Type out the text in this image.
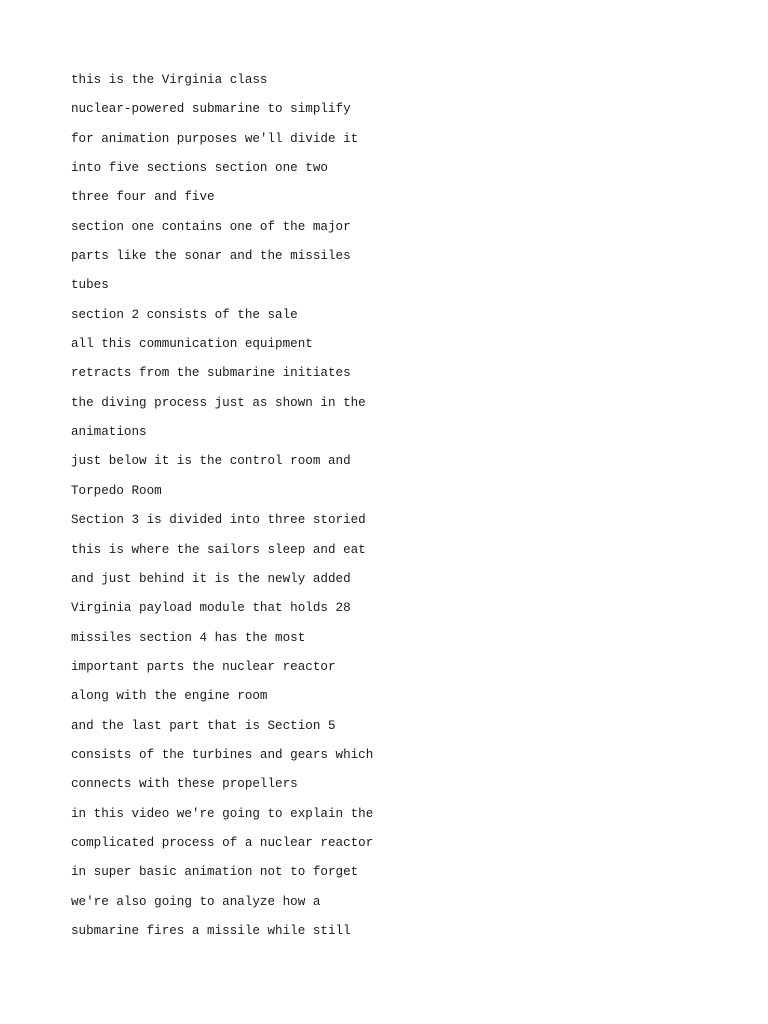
this is the Virginia class
nuclear-powered submarine to simplify
for animation purposes we'll divide it
into five sections section one two
three four and five
section one contains one of the major
parts like the sonar and the missiles
tubes
section 2 consists of the sale
all this communication equipment
retracts from the submarine initiates
the diving process just as shown in the
animations
just below it is the control room and
Torpedo Room
Section 3 is divided into three storied
this is where the sailors sleep and eat
and just behind it is the newly added
Virginia payload module that holds 28
missiles section 4 has the most
important parts the nuclear reactor
along with the engine room
and the last part that is Section 5
consists of the turbines and gears which
connects with these propellers
in this video we're going to explain the
complicated process of a nuclear reactor
in super basic animation not to forget
we're also going to analyze how a
submarine fires a missile while still
